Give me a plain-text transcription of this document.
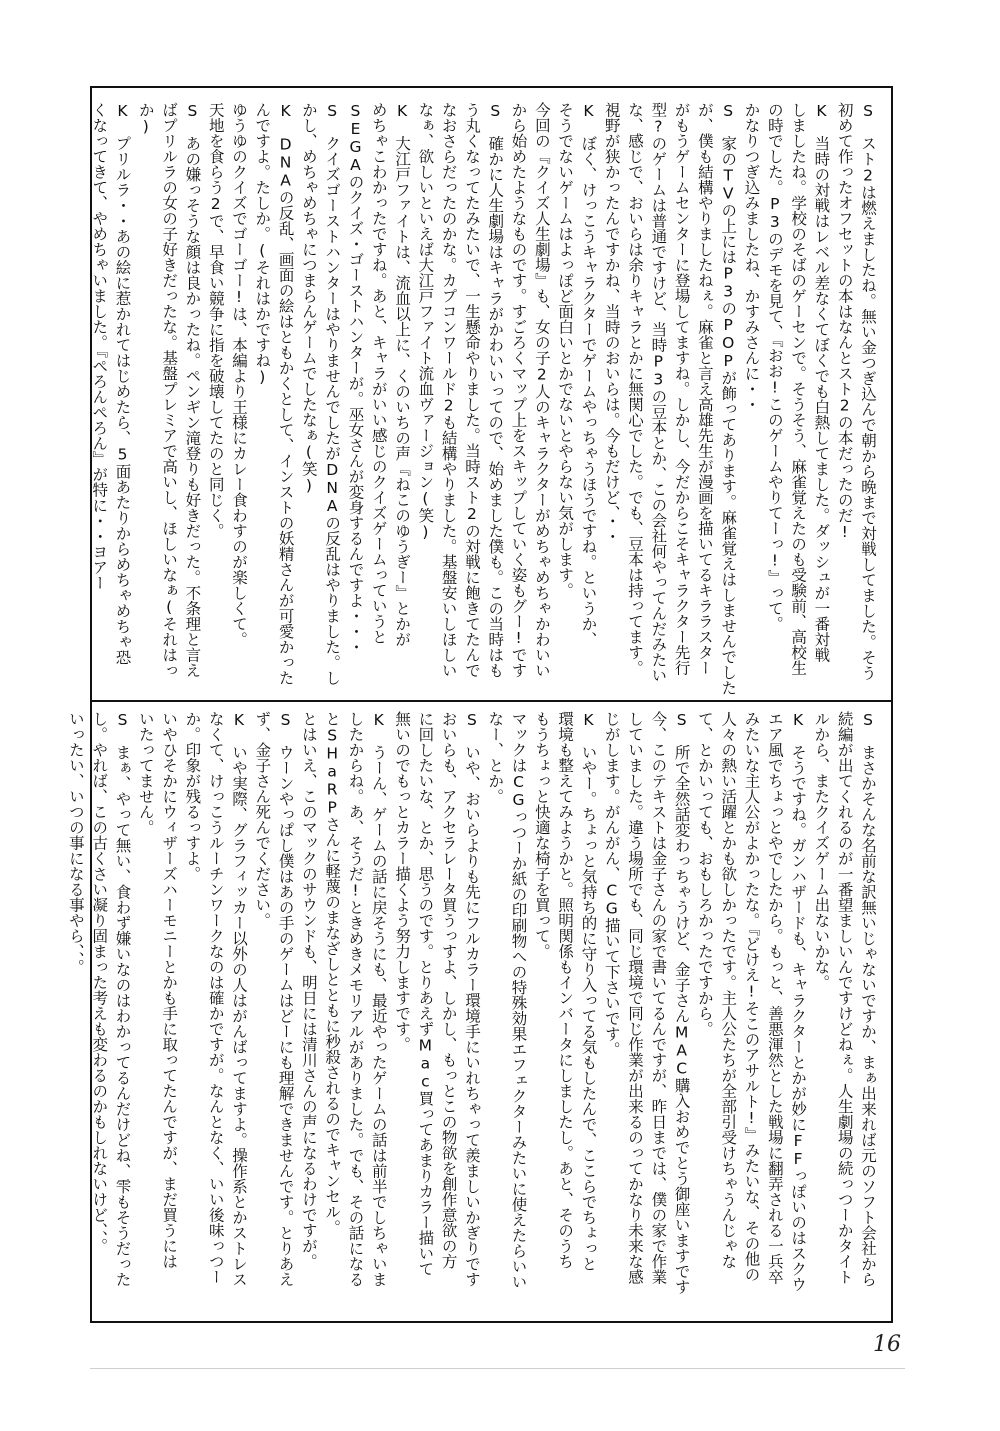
S　スト2は燃えましたね。無い金つぎ込んで朝から晩まで対戦してました。そう
初めて作ったオフセットの本はなんとスト2の本だったのだ!
K　当時の対戦はレベル差なくてぼくでも白熱してました。ダッシュが一番対戦
しましたね。学校のそばのゲーセンで。そうそう、麻雀覚えたのも受験前、高校生
の時でした。P3のデモを見て、『おお!このゲームやりてーっ!』って。
かなりつぎ込みましたね、かすみさんに・・
S　家のTVの上にはP3のPOPが飾ってあります。麻雀覚えはしませんでした
が、僕も結構やりましたねぇ。麻雀と言え高雄先生が漫画を描いてるキララスター
がもうゲームセンターに登場してますね。しかし、今だからこそキャラクター先行
型?のゲームは普通ですけど、当時P3の豆本とか、この会社何やってんだみたい
な、感じで、おいらは余りキャラとかに無関心でした。でも、豆本は持ってます。
視野が狭かったんですかね、当時のおいらは。今もだけど、・・
K　ぼく、けっこうキャラクターでゲームやっちゃうほうですね。というか、
そうでないゲームはよっぽど面白いとかでないとやらない気がします。
今回の『クイズ人生劇場』も、女の子2人のキャラクターがめちゃめちゃかわいい
から始めたようなものです。すごろくマップ上をスキップしていく姿もグー!です
S　確かに人生劇場はキャラがかわいいってので、始めました僕も。この当時はも
う丸くなってたみたいで、一生懸命やりました。当時スト2の対戦に飽きてたんで
なおさらだったのかな。カプコンワールド2も結構やりました。基盤安いしほしい
なぁ、欲しいといえば大江戸ファイト流血ヴァージョン(笑)
K　大江戸ファイトは、流血以上に、くのいちの声『ねこのゆうぎー』とかが
めちゃこわかったですね。あと、キャラがいい感じのクイズゲームっていうと
SEGAのクイズ・ゴーストハンターが。巫女さんが変身するんですよ・・・
S　クイズゴーストハンターはやりませんでしたがDNAの反乱はやりました。し
かし、めちゃめちゃにつまらんゲームでしたなぁ(笑)
K　DNAの反乱、画面の絵はともかくとして、インストの妖精さんが可愛かった
んですよ。たしか。(それはかですね)
ゆうゆのクイズでゴーゴー!は、本編より王様にカレー食わすのが楽しくて。
天地を食らう2で、早食い競争に指を破壊してたのと同じく。
S　あの嫌っそうな顔は良かったね。ペンギン滝登りも好きだった。不条理と言え
ばプリルラの女の子好きだったな。基盤プレミアで高いし、ほしいなぁ(それはっ
か)
K　プリルラ・・あの絵に惹かれてはじめたら、5面あたりからめちゃめちゃ恐
くなってきて、やめちゃいました。『ぺろんぺろん』が特に・・ヨアー
S　まさかそんな名前な訳無いじゃないですか、まぁ出来れば元のソフト会社から
続編が出てくれるのが一番望ましいんですけどねぇ。人生劇場の続っつーかタイト
ルから、またクイズゲーム出ないかな。
K　そうですね。ガンハザードも、キャラクターとかが妙にFFっぽいのはスクウ
エア風でちょっとやでしたから。もっと、善悪渾然とした戦場に翻弄される一兵卒
みたいな主人公がよかったな。『どけえ!そこのアサルト!』みたいな、その他の
人々の熱い活躍とかも欲しかったです。主人公たちが全部引受けちゃうんじゃな
て、とかいっても、おもしろかったですから。
S　所で全然話変わっちゃうけど、金子さんMAC購入おめでとう御座いますです
今、このテキストは金子さんの家で書いてるんですが、昨日までは、僕の家で作業
していました。違う場所でも、同じ環境で同じ作業が出来るのってかなり未来な感
じがします。がんがん、CG描いて下さいです。
K　いやー。ちょっと気持ち的に守り入ってる気もしたんで、ここらでちょっと
環境も整えてみようかと。照明関係もインバータにしましたし。あと、そのうち
もうちょっと快適な椅子を買って。
マックはCGっつーか紙の印刷物への特殊効果エフェクターみたいに使えたらいい
なー、とか。
S　いや、おいらよりも先にフルカラー環境手にいれちゃって羨ましいかぎりです
おいらも、アクセラレータ買うっすよ、しかし、もっとこの物欲を創作意欲の方
に回したいな、とか、思うのです。とりあえずMac買ってあまりカラー描いて
無いのでもっとカラー描くよう努力しますです。
K　うーん、ゲームの話に戻そうにも、最近やったゲームの話は前半でしちゃいま
したからね。あ、そうだ!ときめきメモリアルがありました。でも、その話になる
とSHaRPさんに軽蔑のまなざしとともに秒殺されるのでキャンセル。
とはいえ、このマックのサウンドも、明日には清川さんの声になるわけですが。
S　ウーンやっぱし僕はあの手のゲームはどーにも理解できませんです。とりあえ
ず、金子さん死んでください。
K　いや実際、グラフィッカー以外の人はがんばってますよ。操作系とかストレス
なくて、けっこうルーチンワークなのは確かですが。なんとなく、いい後味っつー
か。印象が残るっすよ。
いやひそかにウィザーズハーモニーとかも手に取ってたんですが、まだ買うには
いたってません。
S　まぁ、やって無い、食わず嫌いなのはわかってるんだけどね、雫もそうだった
し。やれば、この古くさい凝り固まった考えも変わるのかもしれないけど、、。
いったい、いつの事になる事やら、、。
16
